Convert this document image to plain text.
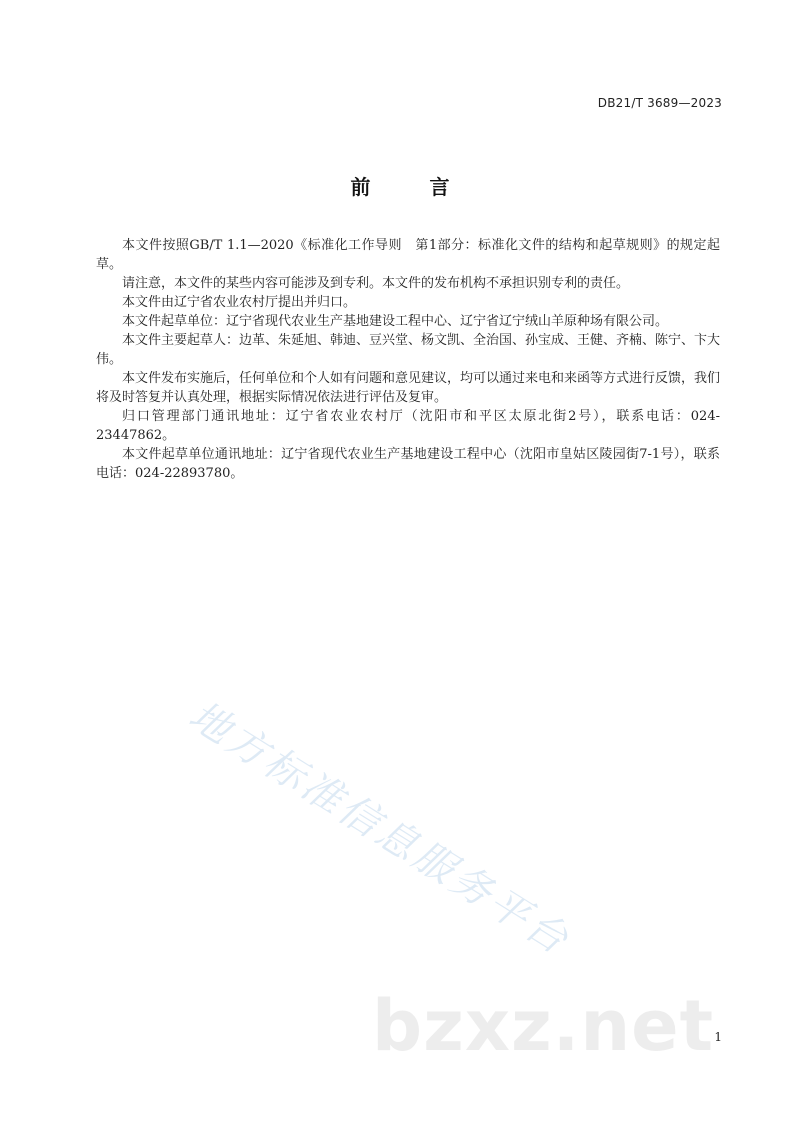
DB21/T 3689—2023
前 言

本文件按照GB/T 1.1—2020《标准化工作导则　第1部分：标准化文件的结构和起草规则》的规定起草。

请注意，本文件的某些内容可能涉及到专利。本文件的发布机构不承担识别专利的责任。

本文件由辽宁省农业农村厅提出并归口。

本文件起草单位：辽宁省现代农业生产基地建设工程中心、辽宁省辽宁绒山羊原种场有限公司。

本文件主要起草人：边革、朱延旭、韩迪、豆兴堂、杨文凯、全治国、孙宝成、王健、齐楠、陈宁、卞大伟。

本文件发布实施后，任何单位和个人如有问题和意见建议，均可以通过来电和来函等方式进行反馈，我们将及时答复并认真处理，根据实际情况依法进行评估及复审。

归口管理部门通讯地址：辽宁省农业农村厅（沈阳市和平区太原北街2号），联系电话：024-23447862。

本文件起草单位通讯地址：辽宁省现代农业生产基地建设工程中心（沈阳市皇姑区陵园街7-1号），联系电话：024-22893780。

地方标准信息服务平台
bzxz.net 1
